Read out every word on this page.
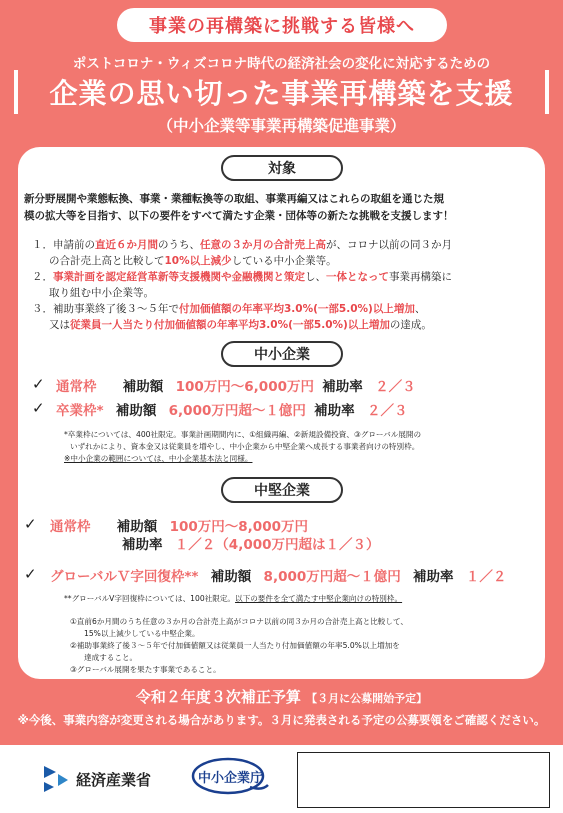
事業の再構築に挑戦する皆様へ
ポストコロナ・ウィズコロナ時代の経済社会の変化に対応するための
企業の思い切った事業再構築を支援
（中小企業等事業再構築促進事業）
対象
新分野展開や業態転換、事業・業種転換等の取組、事業再編又はこれらの取組を通じた規
模の拡大等を目指す、以下の要件をすべて満たす企業・団体等の新たな挑戦を支援します！
１．申請前の直近６か月間のうち、任意の３か月の合計売上高が、コロナ以前の同３か月
の合計売上高と比較して10%以上減少している中小企業等。
２．事業計画を認定経営革新等支援機関や金融機関と策定し、一体となって事業再構築に
取り組む中小企業等。
３．補助事業終了後３～５年で付加価値額の年率平均3.0%(一部5.0%)以上増加、
又は従業員一人当たり付加価値額の年率平均3.0%(一部5.0%)以上増加の達成。
中小企業
✓ 通常枠 補助額 100万円～6,000万円 補助率 ２／３
✓ 卒業枠* 補助額 6,000万円超～１億円 補助率 ２／３
*卒業枠については、400社限定。事業計画期間内に、①組織再編、②新規設備投資、③グローバル展開の
いずれかにより、資本金又は従業員を増やし、中小企業から中堅企業へ成長する事業者向けの特別枠。
※中小企業の範囲については、中小企業基本法と同様。
中堅企業
✓ 通常枠 補助額 100万円～8,000万円
補助率 １／２（4,000万円超は１／３）
✓ グローバルＶ字回復枠** 補助額 8,000万円超～１億円 補助率 １／２
**グローバルV字回復枠については、100社限定。以下の要件を全て満たす中堅企業向けの特別枠。
①直前6か月間のうち任意の３か月の合計売上高がコロナ以前の同３か月の合計売上高と比較して、
15%以上減少している中堅企業。
②補助事業終了後３～５年で付加価値額又は従業員一人当たり付加価値額の年率5.0%以上増加を
達成すること。
③グローバル展開を果たす事業であること。
令和２年度３次補正予算 【３月に公募開始予定】
※今後、事業内容が変更される場合があります。３月に発表される予定の公募要領をご確認ください。
経済産業省	中小企業庁
